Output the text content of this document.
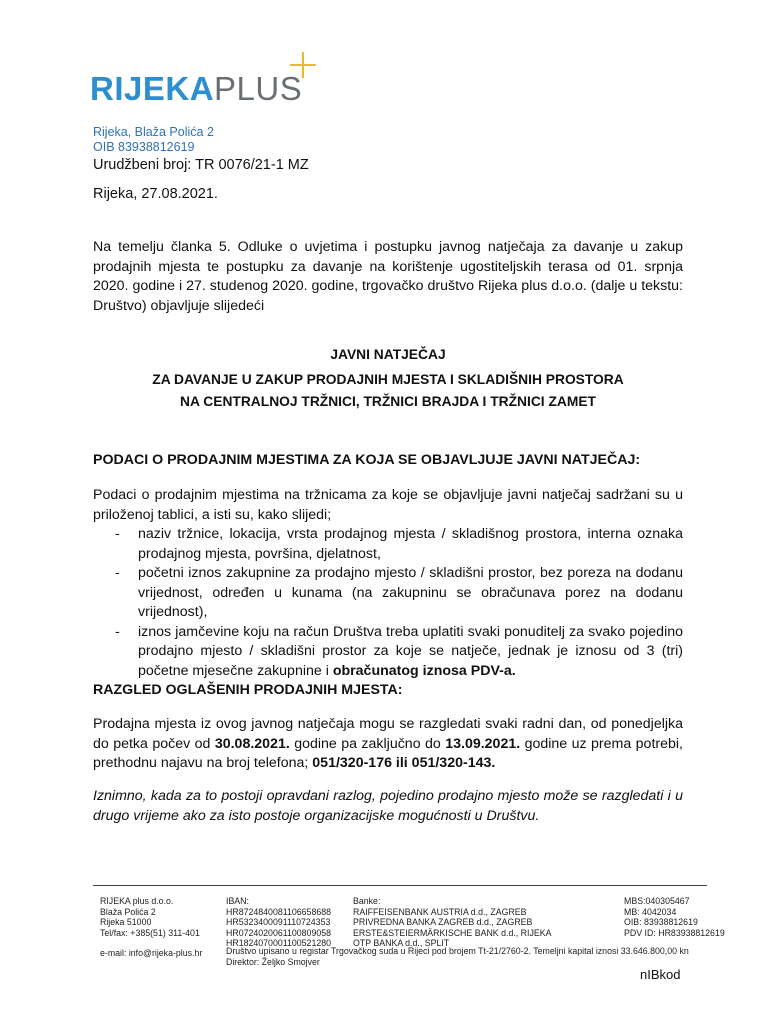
RIJEKAPLUS
Rijeka, Blaža Polića 2
OIB 83938812619
Urudžbeni broj: TR 0076/21-1 MZ
Rijeka, 27.08.2021.
Na temelju članka 5. Odluke o uvjetima i postupku javnog natječaja za davanje u zakup prodajnih mjesta te postupku za davanje na korištenje ugostiteljskih terasa od 01. srpnja 2020. godine i 27. studenog 2020. godine, trgovačko društvo Rijeka plus d.o.o. (dalje u tekstu: Društvo) objavljuje slijedeći
JAVNI NATJEČAJ
ZA DAVANJE U ZAKUP PRODAJNIH MJESTA I SKLADIŠNIH PROSTORA
NA CENTRALNOJ TRŽNICI, TRŽNICI BRAJDA I TRŽNICI ZAMET
PODACI O PRODAJNIM MJESTIMA ZA KOJA SE OBJAVLJUJE JAVNI NATJEČAJ:
Podaci o prodajnim mjestima na tržnicama za koje se objavljuje javni natječaj sadržani su u priloženoj tablici, a isti su, kako slijedi;
- naziv tržnice, lokacija, vrsta prodajnog mjesta / skladišnog prostora, interna oznaka prodajnog mjesta, površina, djelatnost,
- početni iznos zakupnine za prodajno mjesto / skladišni prostor, bez poreza na dodanu vrijednost, određen u kunama (na zakupninu se obračunava porez na dodanu vrijednost),
- iznos jamčevine koju na račun Društva treba uplatiti svaki ponuditelj za svako pojedino prodajno mjesto / skladišni prostor za koje se natječe, jednak je iznosu od 3 (tri) početne mjesečne zakupnine i obračunatog iznosa PDV-a.
RAZGLED OGLAŠENIH PRODAJNIH MJESTA:
Prodajna mjesta iz ovog javnog natječaja mogu se razgledati svaki radni dan, od ponedjeljka do petka počev od 30.08.2021. godine pa zaključno do 13.09.2021. godine uz prema potrebi, prethodnu najavu na broj telefona; 051/320-176 ili 051/320-143.
Iznimno, kada za to postoji opravdani razlog, pojedino prodajno mjesto može se razgledati i u drugo vrijeme ako za isto postoje organizacijske mogućnosti u Društvu.
RIJEKA plus d.o.o.
Blaža Polića 2
Rijeka 51000
Tel/fax: +385(51) 311-401
e-mail: info@rijeka-plus.hr
IBAN:
HR8724840081106658688
HR5323400091110724353
HR0724020061100809058
HR1824070001100521280
Banke:
RAIFFEISENBANK AUSTRIA d.d., ZAGREB
PRIVREDNA BANKA ZAGREB d.d., ZAGREB
ERSTE&STEIERMÄRKISCHE BANK d.d., RIJEKA
OTP BANKA d.d., SPLIT
MBS:040305467
MB: 4042034
OIB: 83938812619
PDV ID: HR83938812619
Društvo upisano u registar Trgovačkog suda u Rijeci pod brojem Tt-21/2760-2. Temeljni kapital iznosi 33.646.800,00 kn
Direktor: Željko Smojver
nIBkod
